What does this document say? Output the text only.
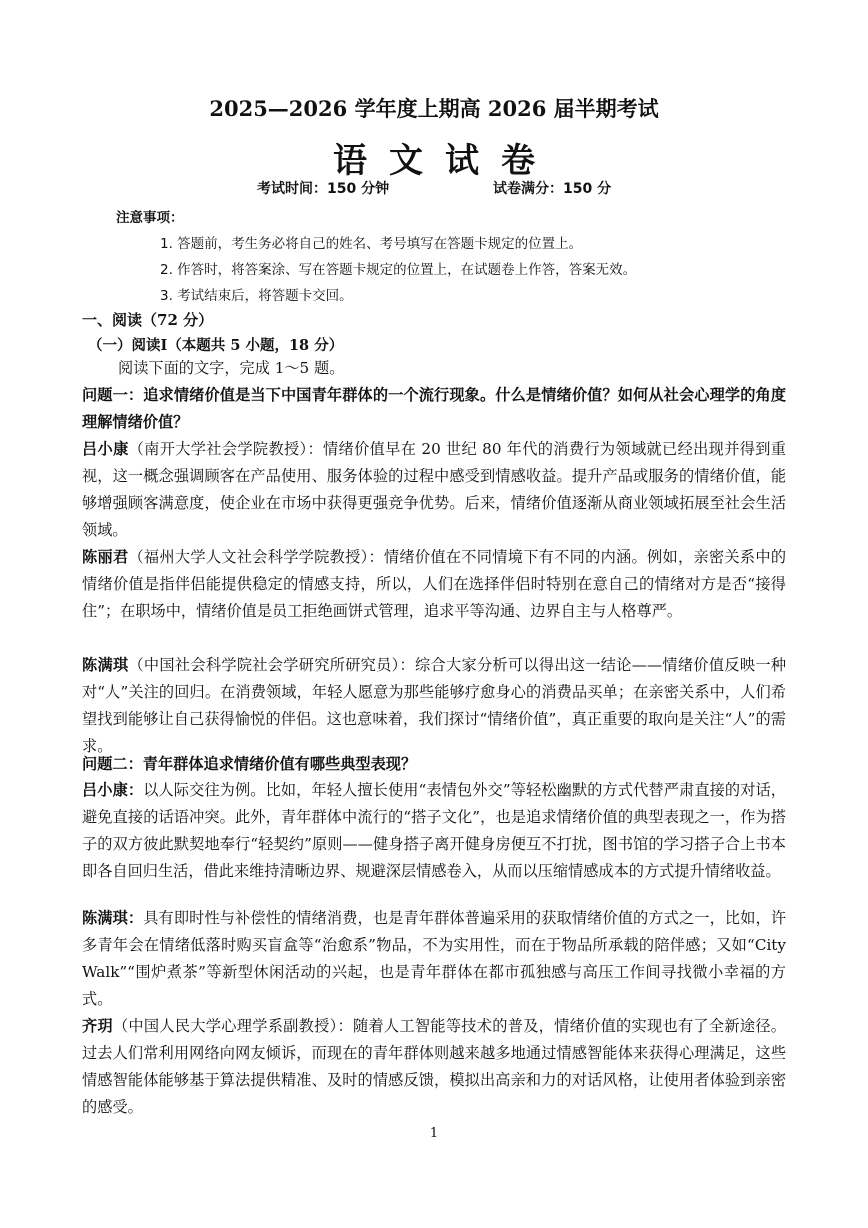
2025—2026 学年度上期高 2026 届半期考试
语文试卷
考试时间：150 分钟	试卷满分：150 分
注意事项：
1. 答题前，考生务必将自己的姓名、考号填写在答题卡规定的位置上。
2. 作答时，将答案涂、写在答题卡规定的位置上，在试题卷上作答，答案无效。
3. 考试结束后，将答题卡交回。
一、阅读（72 分）
（一）阅读Ⅰ（本题共 5 小题，18 分）
阅读下面的文字，完成 1～5 题。
问题一：追求情绪价值是当下中国青年群体的一个流行现象。什么是情绪价值？如何从社会心理学的角度理解情绪价值？
吕小康（南开大学社会学院教授）：情绪价值早在 20 世纪 80 年代的消费行为领域就已经出现并得到重视，这一概念强调顾客在产品使用、服务体验的过程中感受到情感收益。提升产品或服务的情绪价值，能够增强顾客满意度，使企业在市场中获得更强竞争优势。后来，情绪价值逐渐从商业领域拓展至社会生活领域。
陈丽君（福州大学人文社会科学学院教授）：情绪价值在不同情境下有不同的内涵。例如，亲密关系中的情绪价值是指伴侣能提供稳定的情感支持，所以，人们在选择伴侣时特别在意自己的情绪对方是否“接得住”；在职场中，情绪价值是员工拒绝画饼式管理，追求平等沟通、边界自主与人格尊严。
陈满琪（中国社会科学院社会学研究所研究员）：综合大家分析可以得出这一结论——情绪价值反映一种对“人”关注的回归。在消费领域，年轻人愿意为那些能够疗愈身心的消费品买单；在亲密关系中，人们希望找到能够让自己获得愉悦的伴侣。这也意味着，我们探讨“情绪价值”，真正重要的取向是关注“人”的需求。
问题二：青年群体追求情绪价值有哪些典型表现？
吕小康：以人际交往为例。比如，年轻人擅长使用“表情包外交”等轻松幽默的方式代替严肃直接的对话，避免直接的话语冲突。此外，青年群体中流行的“搭子文化”，也是追求情绪价值的典型表现之一，作为搭子的双方彼此默契地奉行“轻契约”原则——健身搭子离开健身房便互不打扰，图书馆的学习搭子合上书本即各自回归生活，借此来维持清晰边界、规避深层情感卷入，从而以压缩情感成本的方式提升情绪收益。
陈满琪：具有即时性与补偿性的情绪消费，也是青年群体普遍采用的获取情绪价值的方式之一，比如，许多青年会在情绪低落时购买盲盒等“治愈系”物品，不为实用性，而在于物品所承载的陪伴感；又如“City Walk”“围炉煮茶”等新型休闲活动的兴起，也是青年群体在都市孤独感与高压工作间寻找微小幸福的方式。
齐玥（中国人民大学心理学系副教授）：随着人工智能等技术的普及，情绪价值的实现也有了全新途径。过去人们常利用网络向网友倾诉，而现在的青年群体则越来越多地通过情感智能体来获得心理满足，这些情感智能体能够基于算法提供精准、及时的情感反馈，模拟出高亲和力的对话风格，让使用者体验到亲密的感受。
1
